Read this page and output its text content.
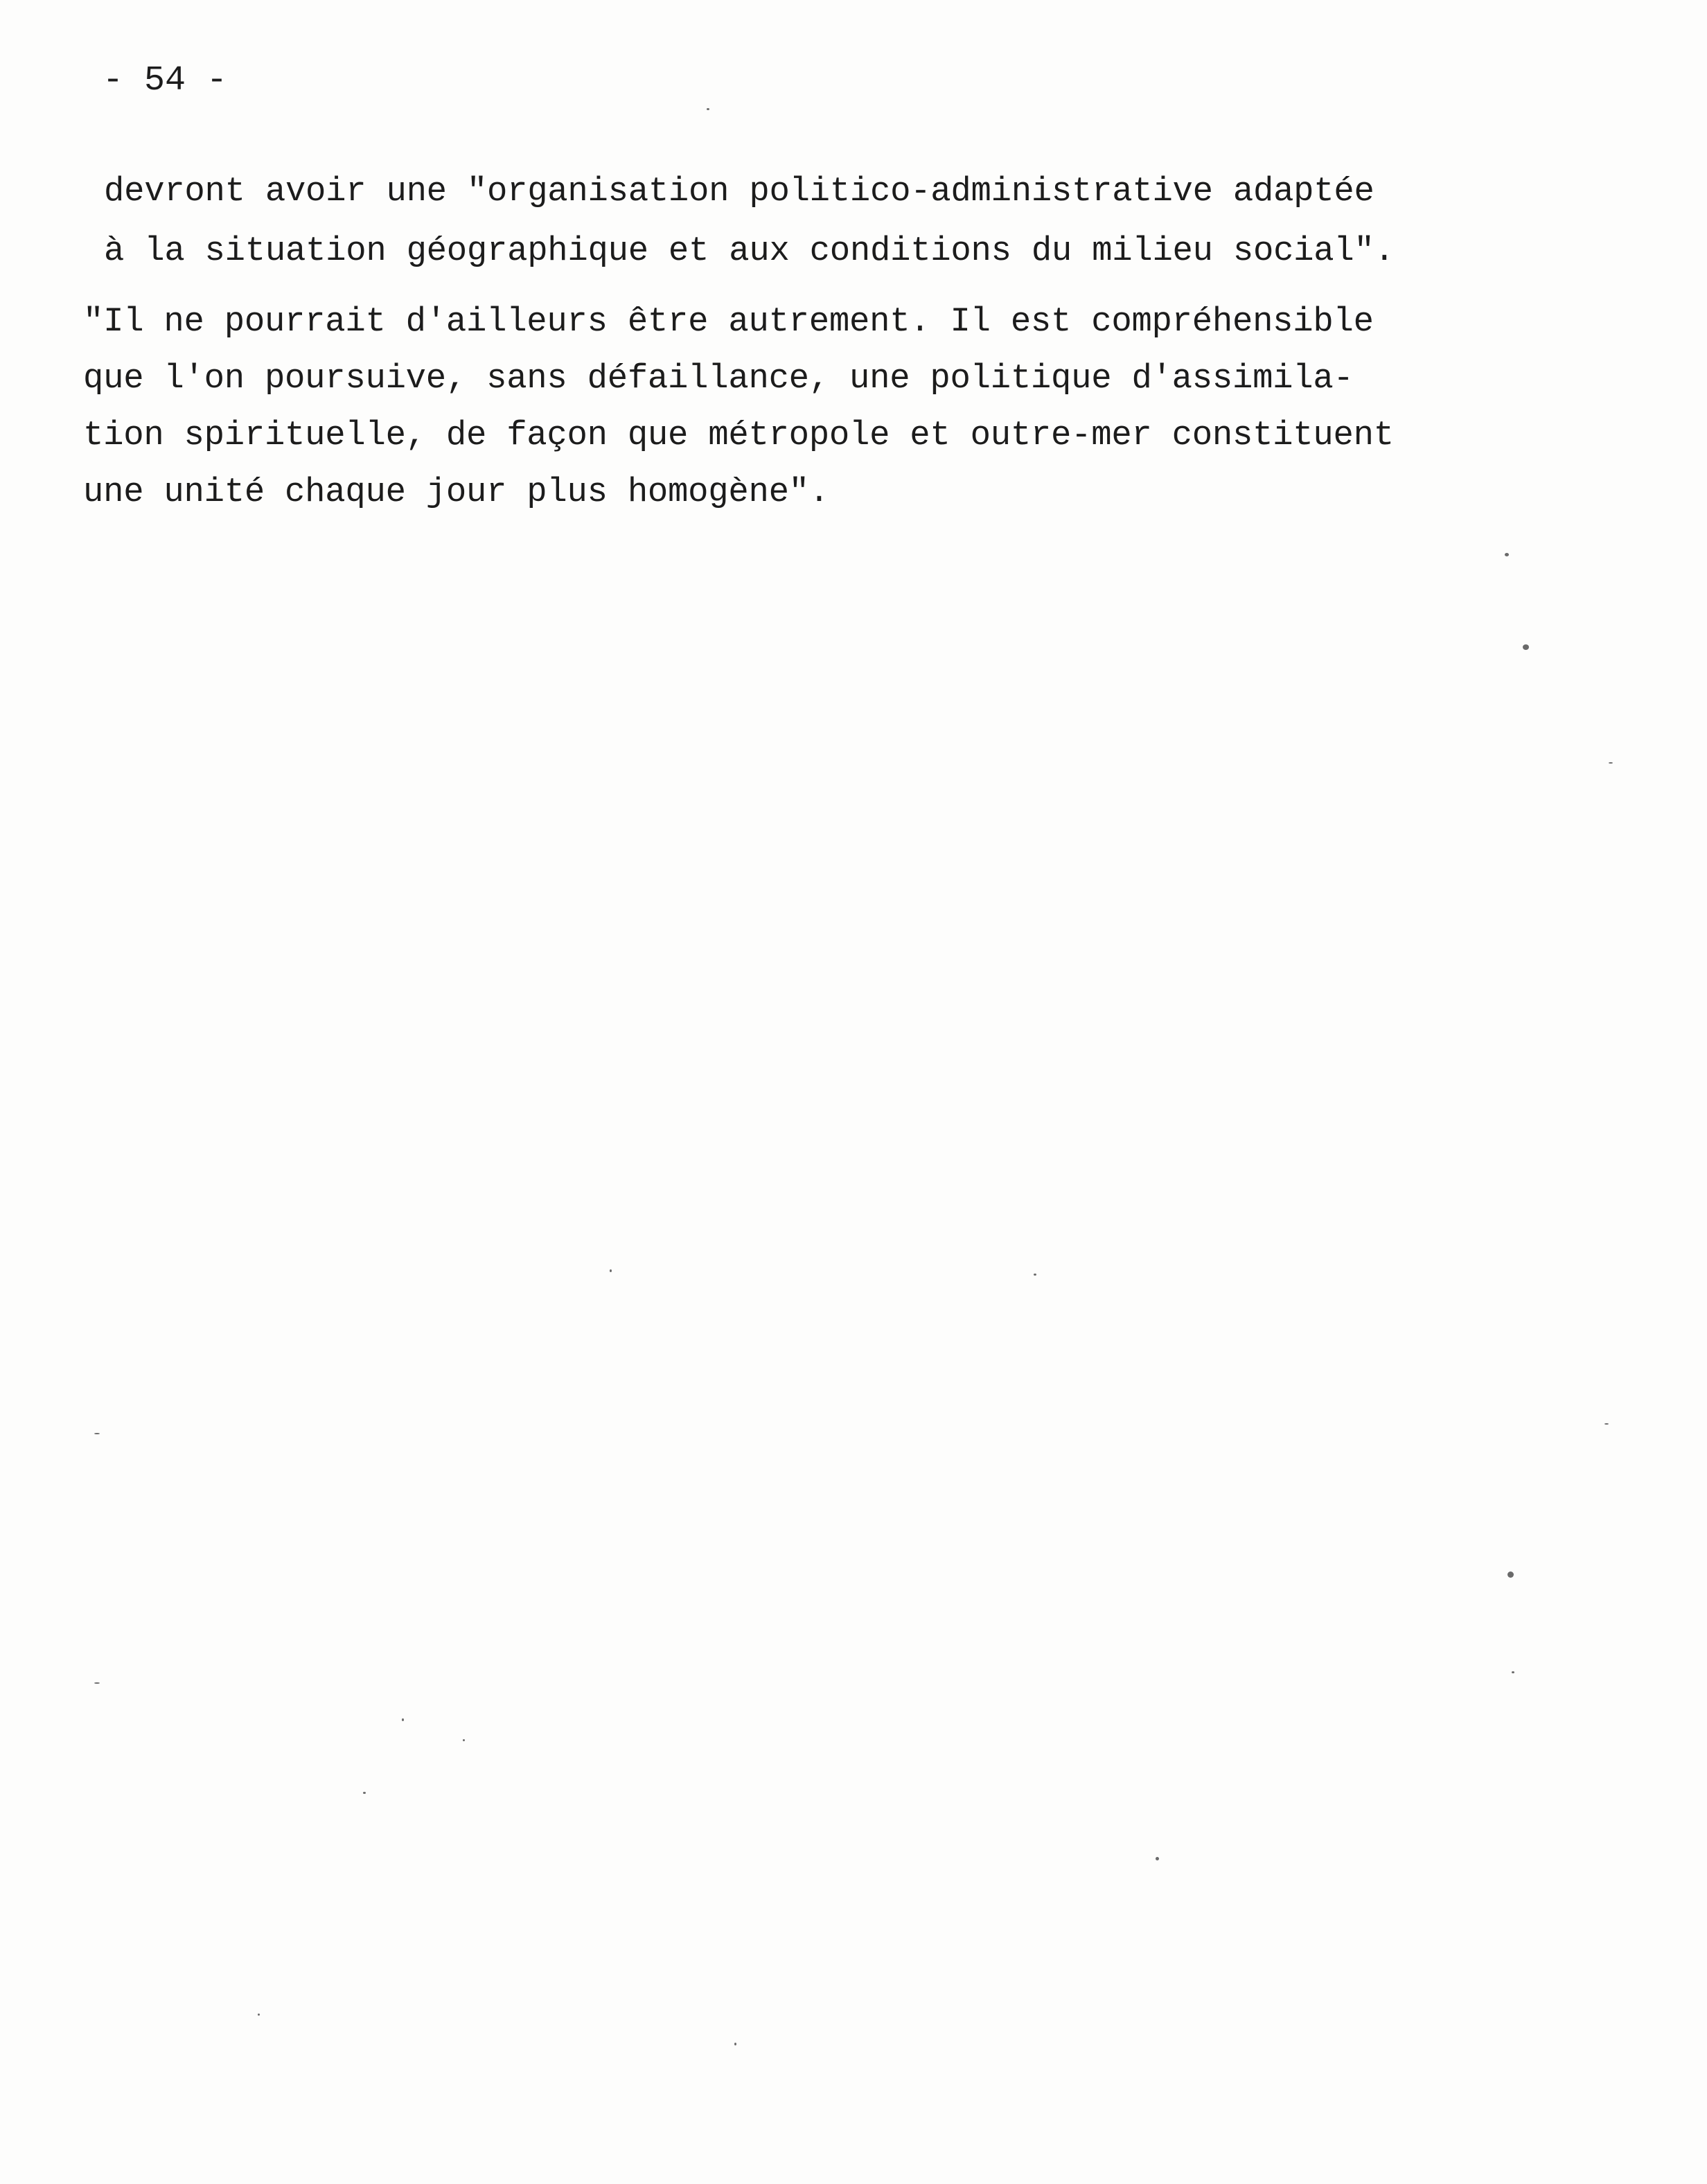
- 54 -
devront avoir une "organisation politico-administrative adaptée
à la situation géographique et aux conditions du milieu social".
"Il ne pourrait d'ailleurs être autrement. Il est compréhensible
que l'on poursuive, sans défaillance, une politique d'assimila-
tion spirituelle, de façon que métropole et outre-mer constituent
une unité chaque jour plus homogène".
